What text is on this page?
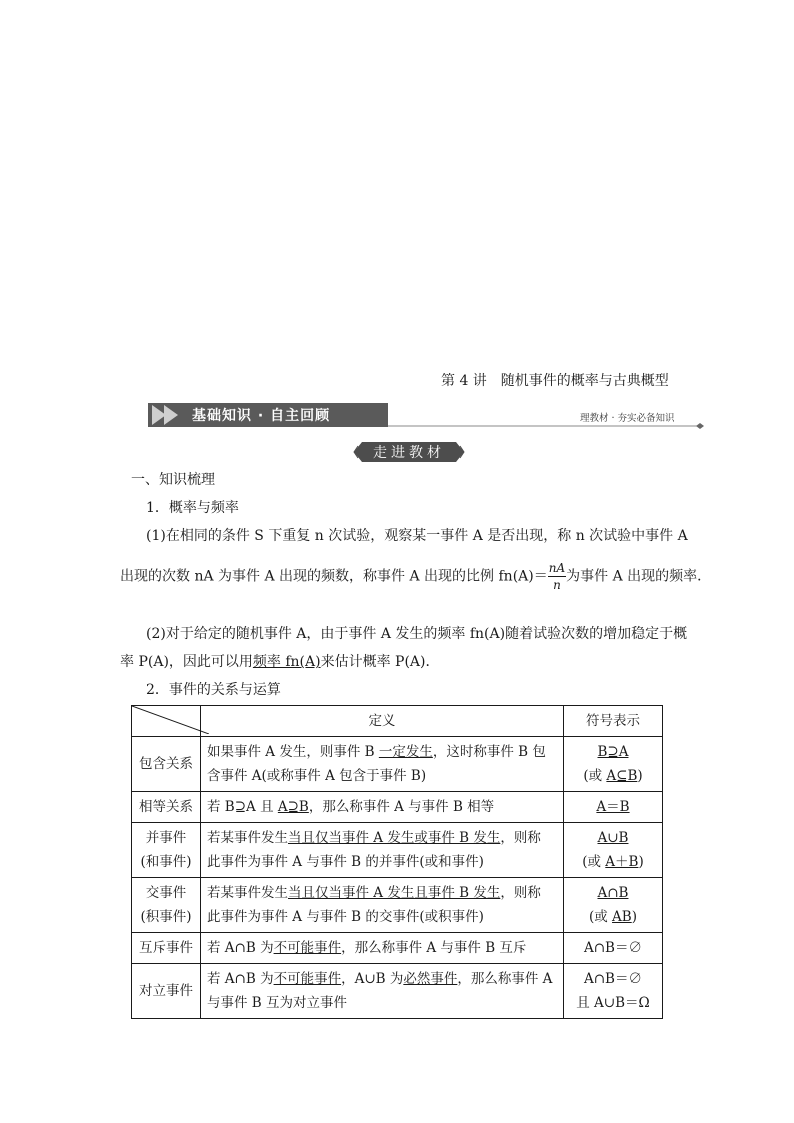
第 4 讲　随机事件的概率与古典概型
基础知识 · 自主回顾	理教材 · 夯实必备知识
走进教材
一、知识梳理
1．概率与频率
(1)在相同的条件 S 下重复 n 次试验，观察某一事件 A 是否出现，称 n 次试验中事件 A
出现的次数 nA 为事件 A 出现的频数，称事件 A 出现的比例 $fn(A)= \frac{nA}{n}$ 为事件 A 出现的频率．
(2)对于给定的随机事件 A，由于事件 A 发生的频率 fn(A)随着试验次数的增加稳定于概
率 P(A)，因此可以用频率 fn(A)来估计概率 P(A)．
2．事件的关系与运算
	定义	符号表示
包含关系	如果事件 A 发生，则事件 B 一定发生，这时称事件 B 包
含事件 A(或称事件 A 包含于事件 B)	B⊇A
(或 A⊆B)
相等关系	若 B⊇A 且 A⊇B，那么称事件 A 与事件 B 相等	A＝B
并事件
(和事件)	若某事件发生当且仅当事件 A 发生或事件 B 发生，则称
此事件为事件 A 与事件 B 的并事件(或和事件)	A∪B
(或 A＋B)
交事件
(积事件)	若某事件发生当且仅当事件 A 发生且事件 B 发生，则称
此事件为事件 A 与事件 B 的交事件(或积事件)	A∩B
(或 AB)
互斥事件	若 A∩B 为不可能事件，那么称事件 A 与事件 B 互斥	A∩B＝∅
对立事件	若 A∩B 为不可能事件，A∪B 为必然事件，那么称事件 A
与事件 B 互为对立事件	A∩B＝∅
且 A∪B＝Ω
